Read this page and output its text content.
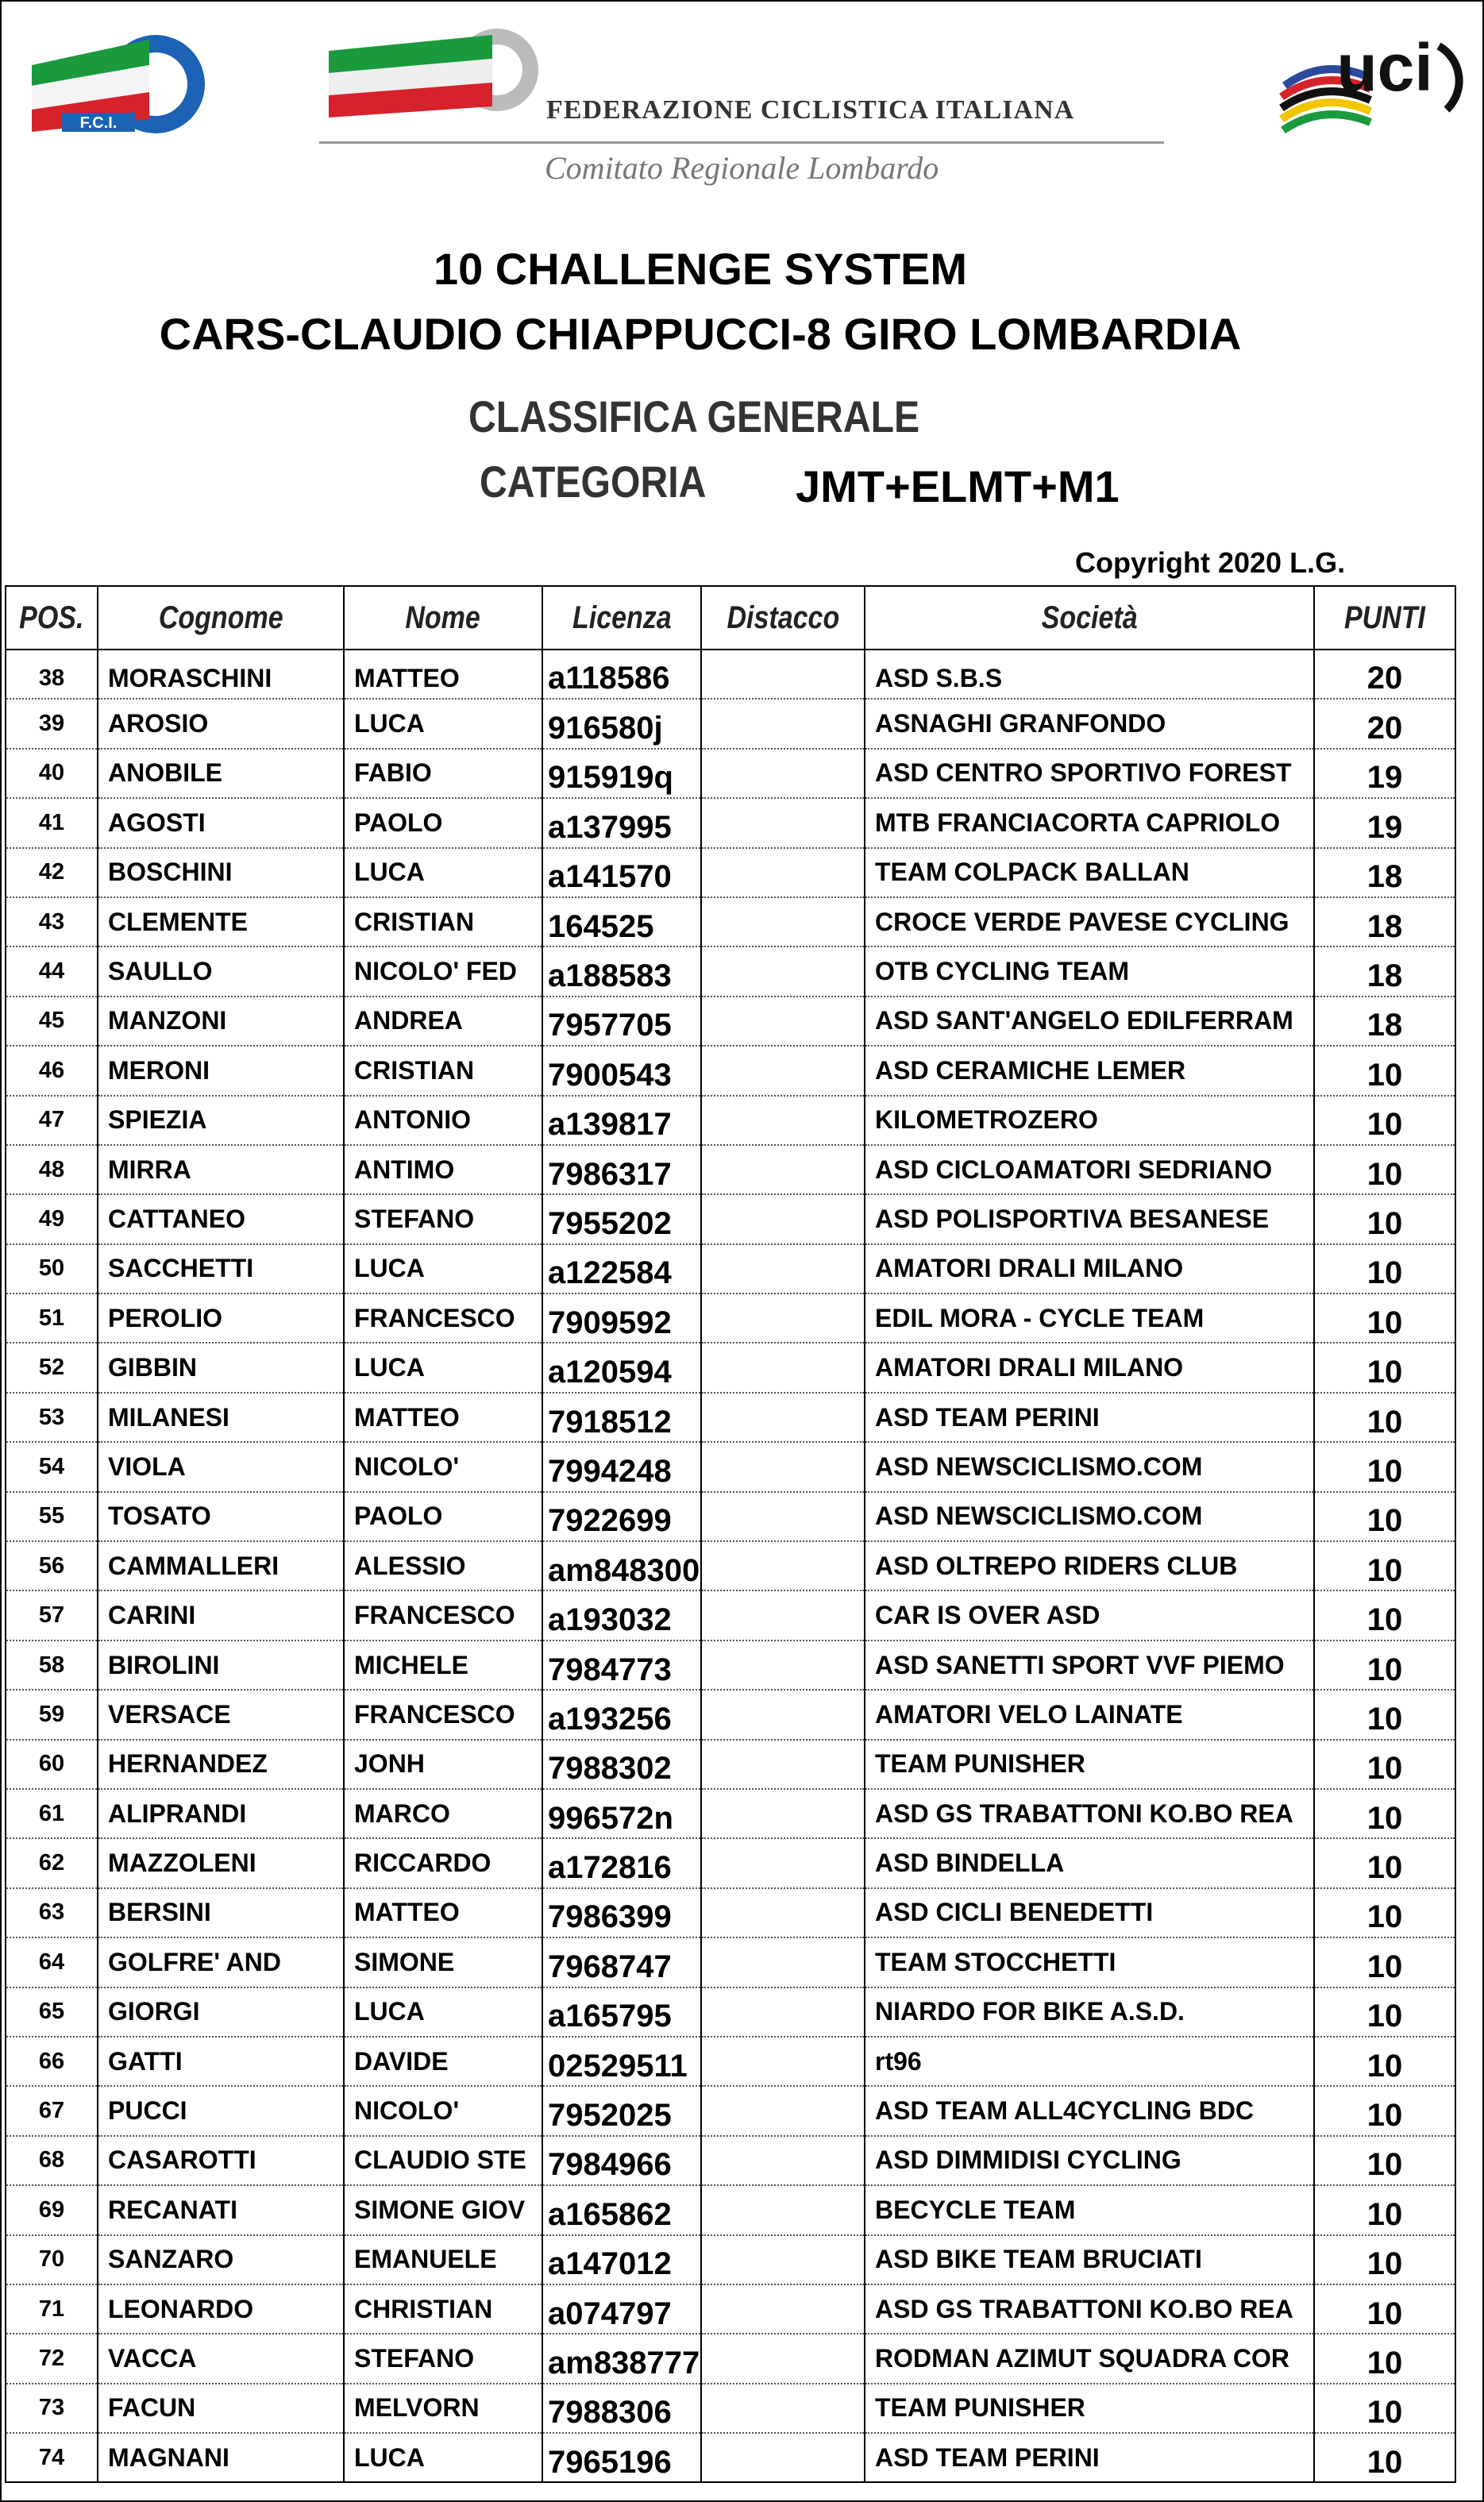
F.C.I.	FEDERAZIONE CICLISTICA ITALIANA
Comitato Regionale Lombardo
uci
10 CHALLENGE SYSTEM
CARS-CLAUDIO CHIAPPUCCI-8 GIRO LOMBARDIA
CLASSIFICA GENERALE
CATEGORIA JMT+ELMT+M1
Copyright 2020 L.G.
POS.	Cognome	Nome	Licenza	Distacco	Società	PUNTI
38	MORASCHINI	MATTEO	a118586		ASD S.B.S	20
39	AROSIO	LUCA	916580j		ASNAGHI GRANFONDO	20
40	ANOBILE	FABIO	915919q		ASD CENTRO SPORTIVO FOREST	19
41	AGOSTI	PAOLO	a137995		MTB FRANCIACORTA CAPRIOLO	19
42	BOSCHINI	LUCA	a141570		TEAM COLPACK BALLAN	18
43	CLEMENTE	CRISTIAN	164525		CROCE VERDE PAVESE CYCLING	18
44	SAULLO	NICOLO' FED	a188583		OTB CYCLING TEAM	18
45	MANZONI	ANDREA	7957705		ASD SANT'ANGELO EDILFERRAM	18
46	MERONI	CRISTIAN	7900543		ASD CERAMICHE LEMER	10
47	SPIEZIA	ANTONIO	a139817		KILOMETROZERO	10
48	MIRRA	ANTIMO	7986317		ASD CICLOAMATORI SEDRIANO	10
49	CATTANEO	STEFANO	7955202		ASD POLISPORTIVA BESANESE	10
50	SACCHETTI	LUCA	a122584		AMATORI DRALI MILANO	10
51	PEROLIO	FRANCESCO	7909592		EDIL MORA - CYCLE TEAM	10
52	GIBBIN	LUCA	a120594		AMATORI DRALI MILANO	10
53	MILANESI	MATTEO	7918512		ASD TEAM PERINI	10
54	VIOLA	NICOLO'	7994248		ASD NEWSCICLISMO.COM	10
55	TOSATO	PAOLO	7922699		ASD NEWSCICLISMO.COM	10
56	CAMMALLERI	ALESSIO	am848300		ASD OLTREPO RIDERS CLUB	10
57	CARINI	FRANCESCO	a193032		CAR IS OVER ASD	10
58	BIROLINI	MICHELE	7984773		ASD SANETTI SPORT VVF PIEMO	10
59	VERSACE	FRANCESCO	a193256		AMATORI VELO LAINATE	10
60	HERNANDEZ	JONH	7988302		TEAM PUNISHER	10
61	ALIPRANDI	MARCO	996572n		ASD GS TRABATTONI KO.BO REA	10
62	MAZZOLENI	RICCARDO	a172816		ASD BINDELLA	10
63	BERSINI	MATTEO	7986399		ASD CICLI BENEDETTI	10
64	GOLFRE' AND	SIMONE	7968747		TEAM STOCCHETTI	10
65	GIORGI	LUCA	a165795		NIARDO FOR BIKE A.S.D.	10
66	GATTI	DAVIDE	02529511		rt96	10
67	PUCCI	NICOLO'	7952025		ASD TEAM ALL4CYCLING BDC	10
68	CASAROTTI	CLAUDIO STE	7984966		ASD DIMMIDISI CYCLING	10
69	RECANATI	SIMONE GIOV	a165862		BECYCLE TEAM	10
70	SANZARO	EMANUELE	a147012		ASD BIKE TEAM BRUCIATI	10
71	LEONARDO	CHRISTIAN	a074797		ASD GS TRABATTONI KO.BO REA	10
72	VACCA	STEFANO	am838777		RODMAN AZIMUT SQUADRA COR	10
73	FACUN	MELVORN	7988306		TEAM PUNISHER	10
74	MAGNANI	LUCA	7965196		ASD TEAM PERINI	10
